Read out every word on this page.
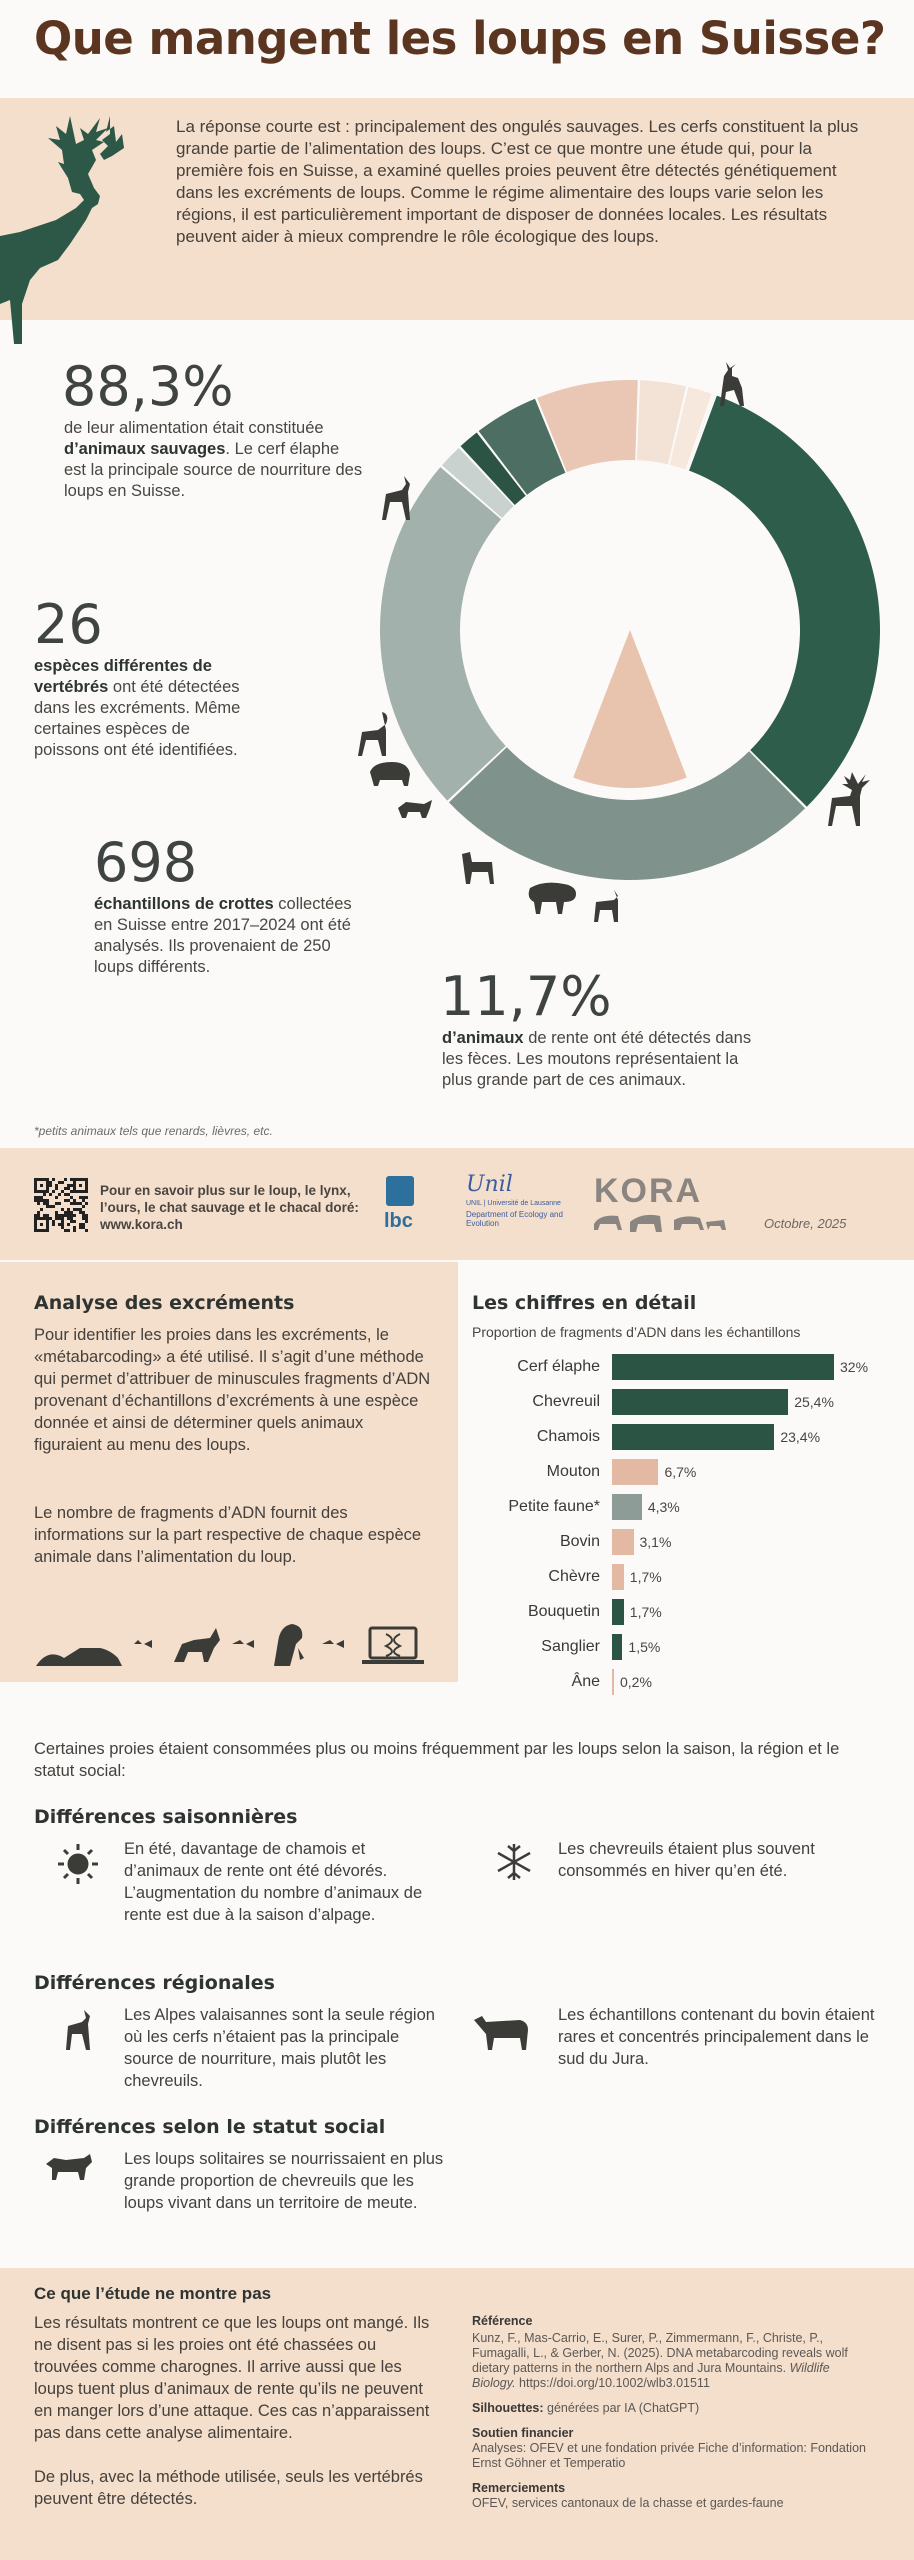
Que mangent les loups en Suisse?

La réponse courte est : principalement des ongulés sauvages. Les cerfs constituent la plus grande partie de l’alimentation des loups. C’est ce que montre une étude qui, pour la première fois en Suisse, a examiné quelles proies peuvent être détectés génétiquement dans les excréments de loups. Comme le régime alimentaire des loups varie selon les régions, il est particulièrement important de disposer de données locales. Les résultats peuvent aider à mieux comprendre le rôle écologique des loups.

88,3%

de leur alimentation était constituée d’animaux sauvages. Le cerf élaphe est la principale source de nourriture des loups en Suisse.

26

espèces différentes de vertébrés ont été détectées dans les excréments. Même certaines espèces de poissons ont été identifiées.

698

échantillons de crottes collectées en Suisse entre 2017–2024 ont été analysés. Ils provenaient de 250 loups différents.	11,7%

d’animaux de rente ont été détectés dans les fèces. Les moutons représentaient la plus grande part de ces animaux.

*petits animaux tels que renards, lièvres, etc.

Pour en savoir plus sur le loup, le lynx, l’ours, le chat sauvage et le chacal doré: www.kora.ch	lbc
Unil
UNIL | Université de Lausanne
Department of Ecology and Evolution
KORA
Octobre, 2025
Analyse des excréments

Pour identifier les proies dans les excréments, le «métabarcoding» a été utilisé. Il s’agit d’une méthode qui permet d’attribuer de minuscules fragments d’ADN provenant d’échantillons d’excréments à une espèce donnée et ainsi de déterminer quels animaux figuraient au menu des loups.

Le nombre de fragments d’ADN fournit des informations sur la part respective de chaque espèce animale dans l’alimentation du loup.

Les chiffres en détail
Proportion de fragments d’ADN dans les échantillons
Cerf élaphe	32%
Chevreuil	25,4%
Chamois	23,4%
Mouton	6,7%
Petite faune*	4,3%
Bovin	3,1%
Chèvre 1,7%
Bouquetin 1,7%
Sanglier 1,5%
Âne 0,2%

Certaines proies étaient consommées plus ou moins fréquemment par les loups selon la saison, la région et le statut social:

Différences saisonnières

En été, davantage de chamois et d’animaux de rente ont été dévorés. L’augmentation du nombre d’animaux de rente est due à la saison d’alpage.

Les chevreuils étaient plus souvent consommés en hiver qu’en été.

Différences régionales

Les Alpes valaisannes sont la seule région où les cerfs n’étaient pas la principale source de nourriture, mais plutôt les chevreuils.

Les échantillons contenant du bovin étaient rares et concentrés principalement dans le sud du Jura.

Différences selon le statut social

Les loups solitaires se nourrissaient en plus grande proportion de chevreuils que les loups vivant dans un territoire de meute.

Ce que l’étude ne montre pas

Les résultats montrent ce que les loups ont mangé. Ils ne disent pas si les proies ont été chassées ou trouvées comme charognes. Il arrive aussi que les loups tuent plus d’animaux de rente qu’ils ne peuvent en manger lors d’une attaque. Ces cas n’apparaissent pas dans cette analyse alimentaire.

De plus, avec la méthode utilisée, seuls les vertébrés peuvent être détectés.

Référence
Kunz, F., Mas-Carrio, E., Surer, P., Zimmermann, F., Christe, P., Fumagalli, L., & Gerber, N. (2025). DNA metabarcoding reveals wolf dietary patterns in the northern Alps and Jura Mountains. Wildlife Biology. https://doi.org/10.1002/wlb3.01511
Silhouettes: générées par IA (ChatGPT)
Soutien financier
Analyses: OFEV et une fondation privée Fiche d’information: Fondation Ernst Göhner et Temperatio
Remerciements
OFEV, services cantonaux de la chasse et gardes-faune
